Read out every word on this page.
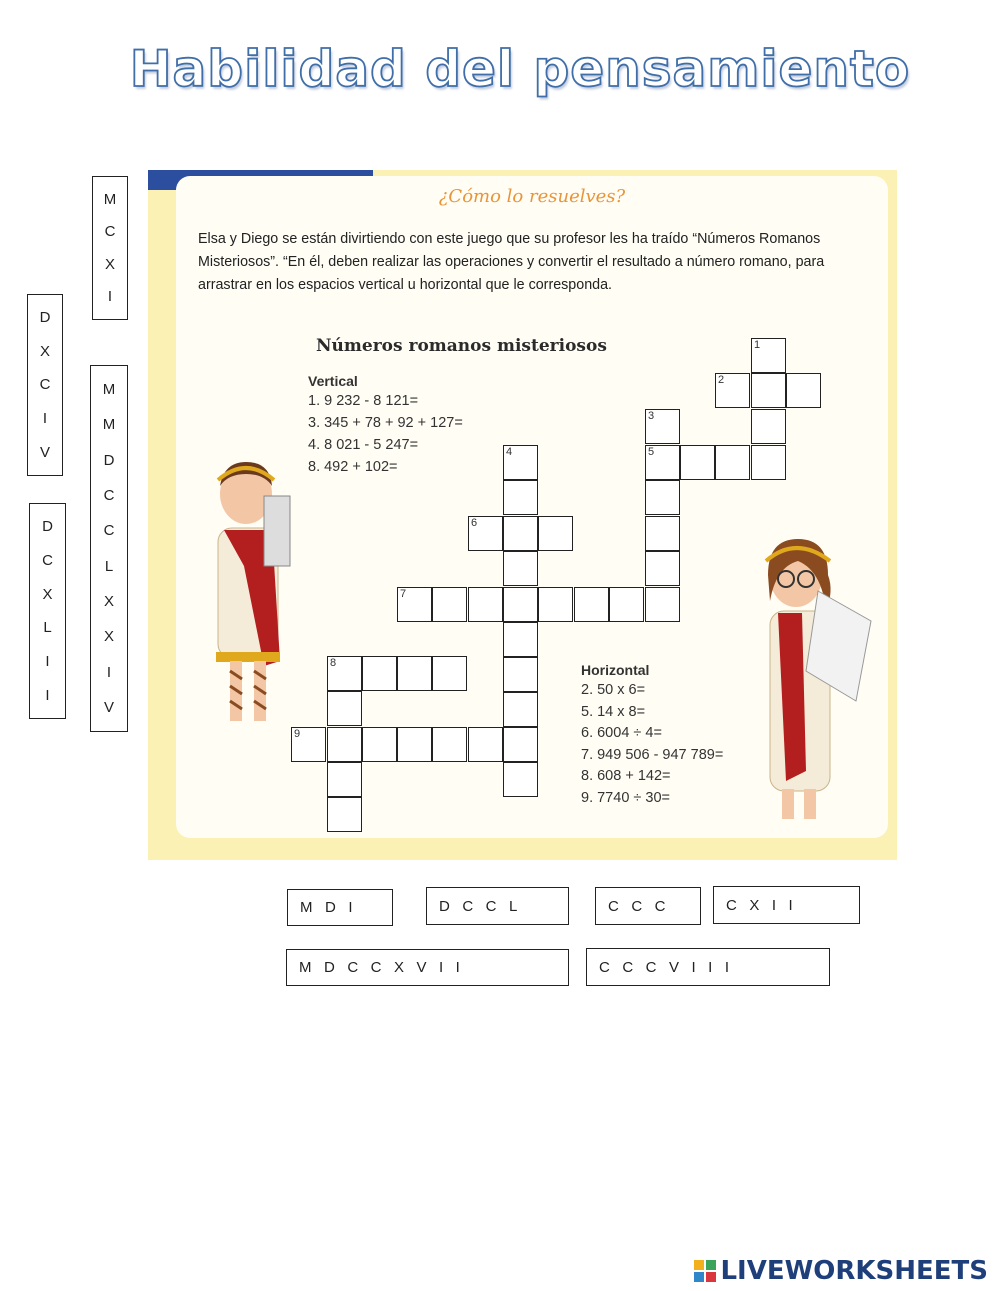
Habilidad del pensamiento
M
C
X
I
D
X
C
I
V
M
M
D
C
C
L
X
X
I
V
D
C
X
L
I
I
¿Cómo lo resuelves?
Elsa y Diego se están divirtiendo con este juego que su profesor les ha traído “Números Romanos Misteriosos”. “En él, deben realizar las operaciones y convertir el resultado a número romano, para arrastrar en los espacios vertical u horizontal que le corresponda.
Números romanos misteriosos
Vertical
1. 9 232 - 8 121=
3. 345 + 78 + 92 + 127=
4. 8 021 - 5 247=
8. 492 + 102=
Horizontal
2. 50 x 6=
5. 14 x 8=
6. 6004 ÷ 4=
7. 949 506 - 947 789=
8. 608 + 142=
9. 7740 ÷ 30=
1
2
3
5
4
6
7
8
9
M   D   I	D   C   C   L	C   C   C	C   X   I   I
M   D   C   C   X   V   I   I	C   C   C   V   I   I   I
LIVEWORKSHEETS
